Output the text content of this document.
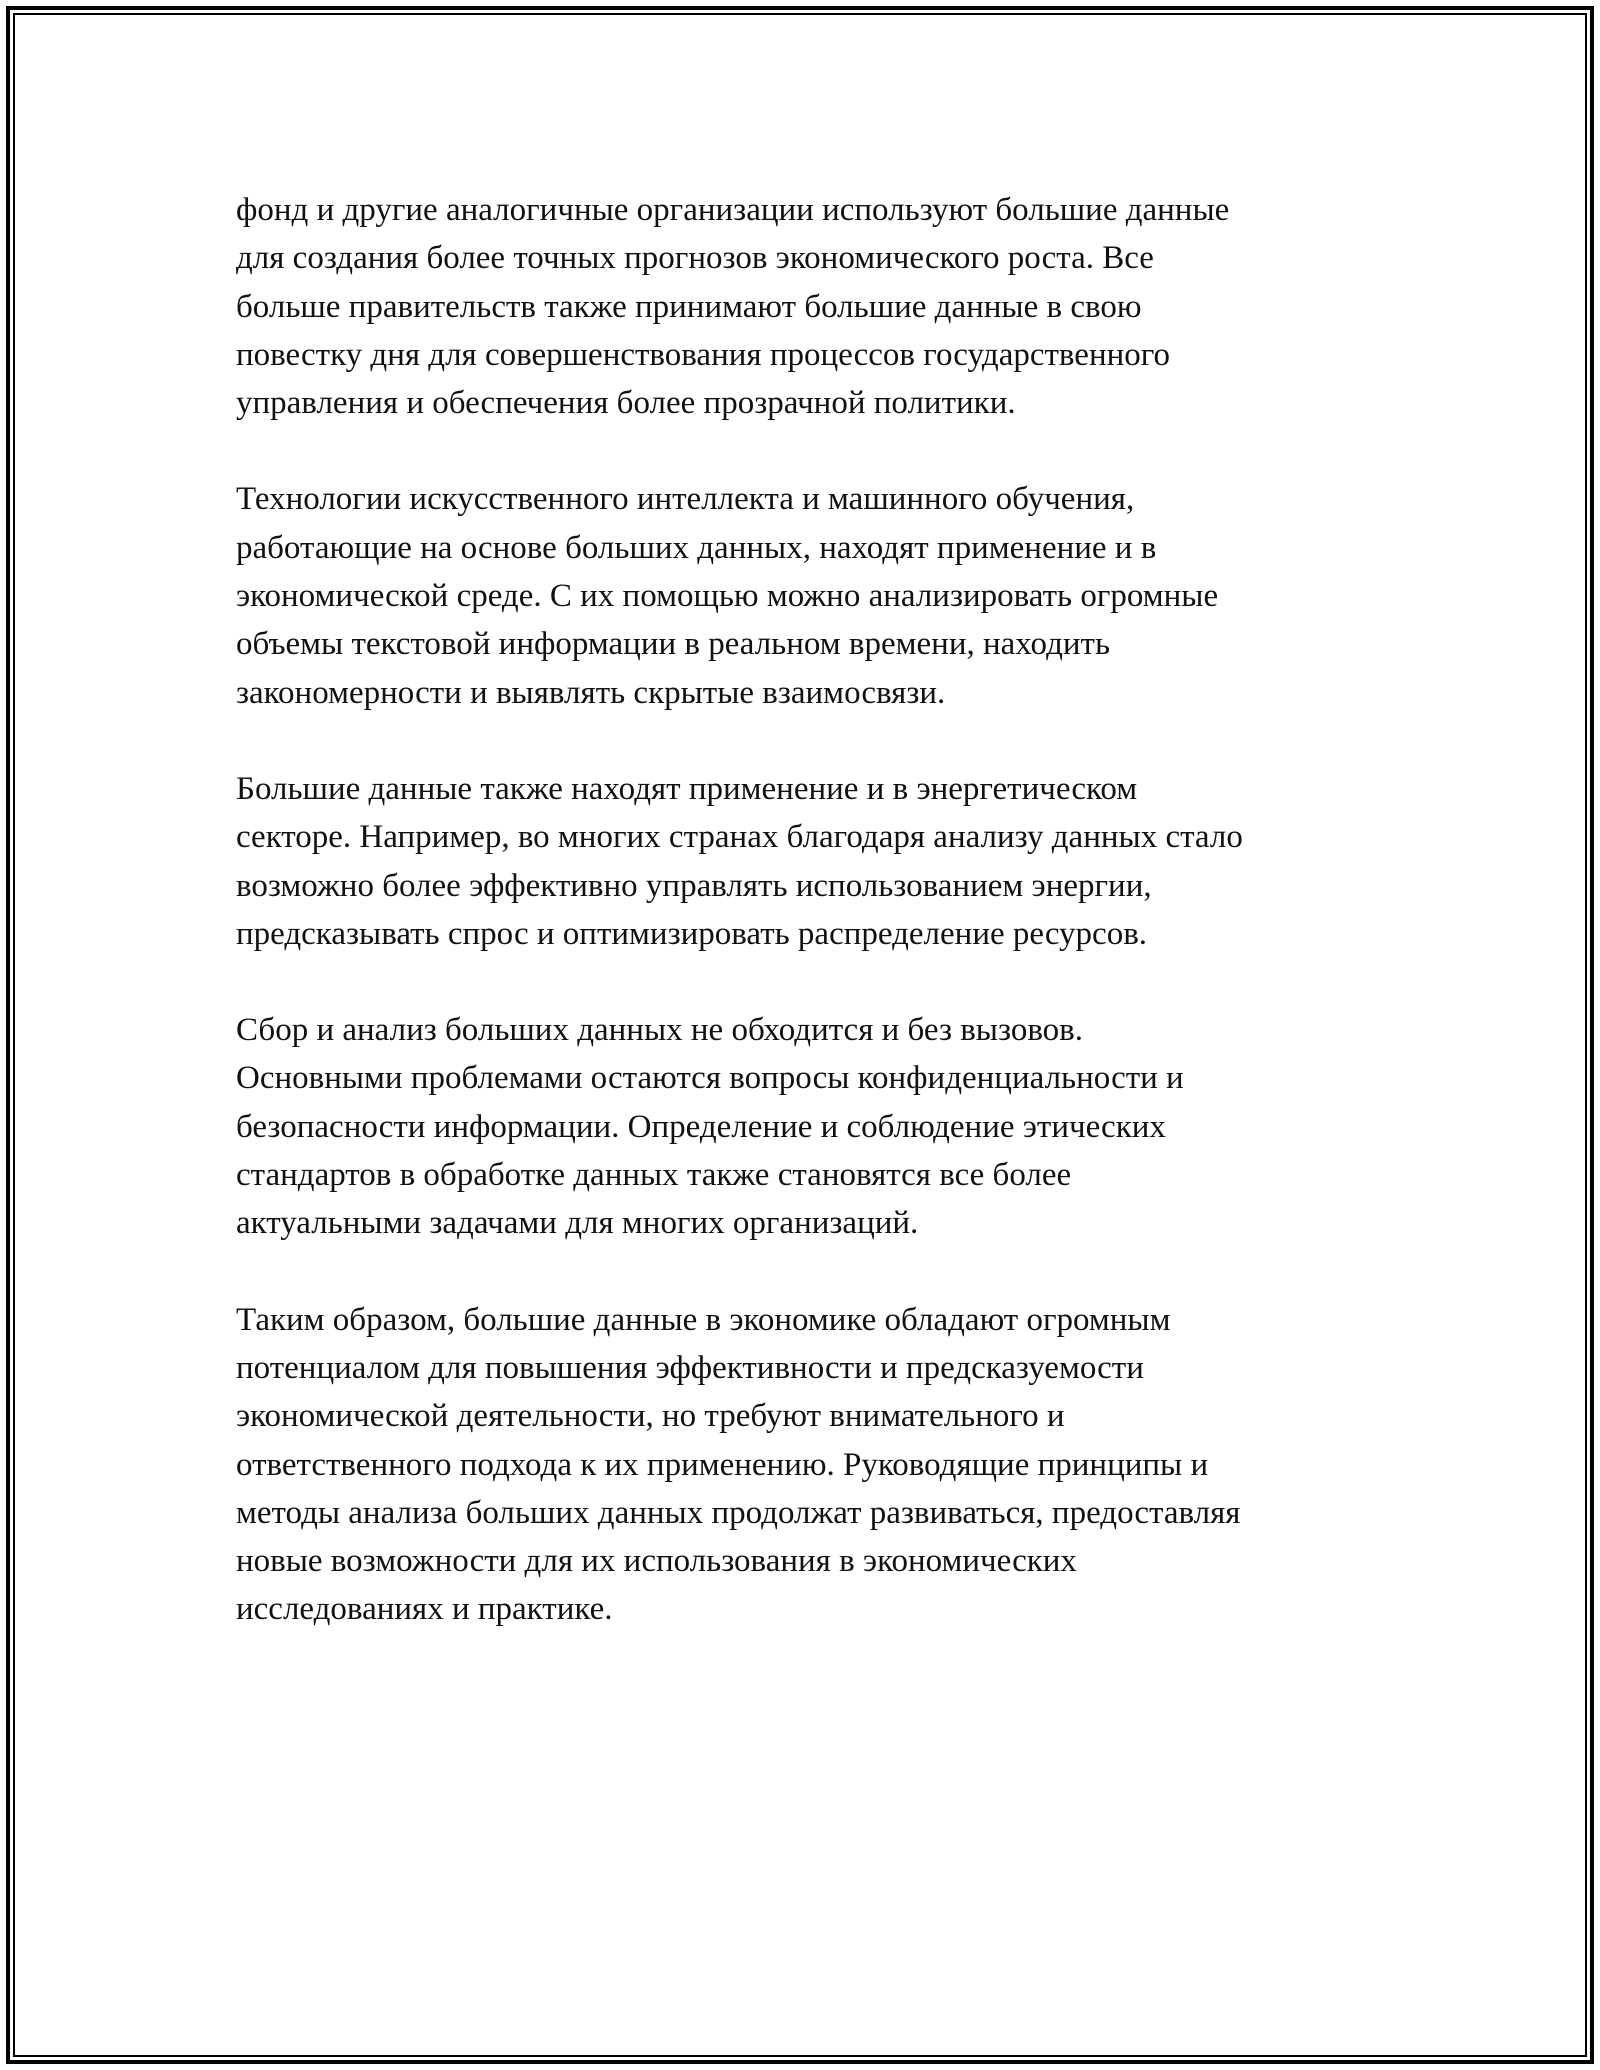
фонд и другие аналогичные организации используют большие данные
для создания более точных прогнозов экономического роста. Все
больше правительств также принимают большие данные в свою
повестку дня для совершенствования процессов государственного
управления и обеспечения более прозрачной политики.

Технологии искусственного интеллекта и машинного обучения,
работающие на основе больших данных, находят применение и в
экономической среде. С их помощью можно анализировать огромные
объемы текстовой информации в реальном времени, находить
закономерности и выявлять скрытые взаимосвязи.

Большие данные также находят применение и в энергетическом
секторе. Например, во многих странах благодаря анализу данных стало
возможно более эффективно управлять использованием энергии,
предсказывать спрос и оптимизировать распределение ресурсов.

Сбор и анализ больших данных не обходится и без вызовов.
Основными проблемами остаются вопросы конфиденциальности и
безопасности информации. Определение и соблюдение этических
стандартов в обработке данных также становятся все более
актуальными задачами для многих организаций.

Таким образом, большие данные в экономике обладают огромным
потенциалом для повышения эффективности и предсказуемости
экономической деятельности, но требуют внимательного и
ответственного подхода к их применению. Руководящие принципы и
методы анализа больших данных продолжат развиваться, предоставляя
новые возможности для их использования в экономических
исследованиях и практике.
